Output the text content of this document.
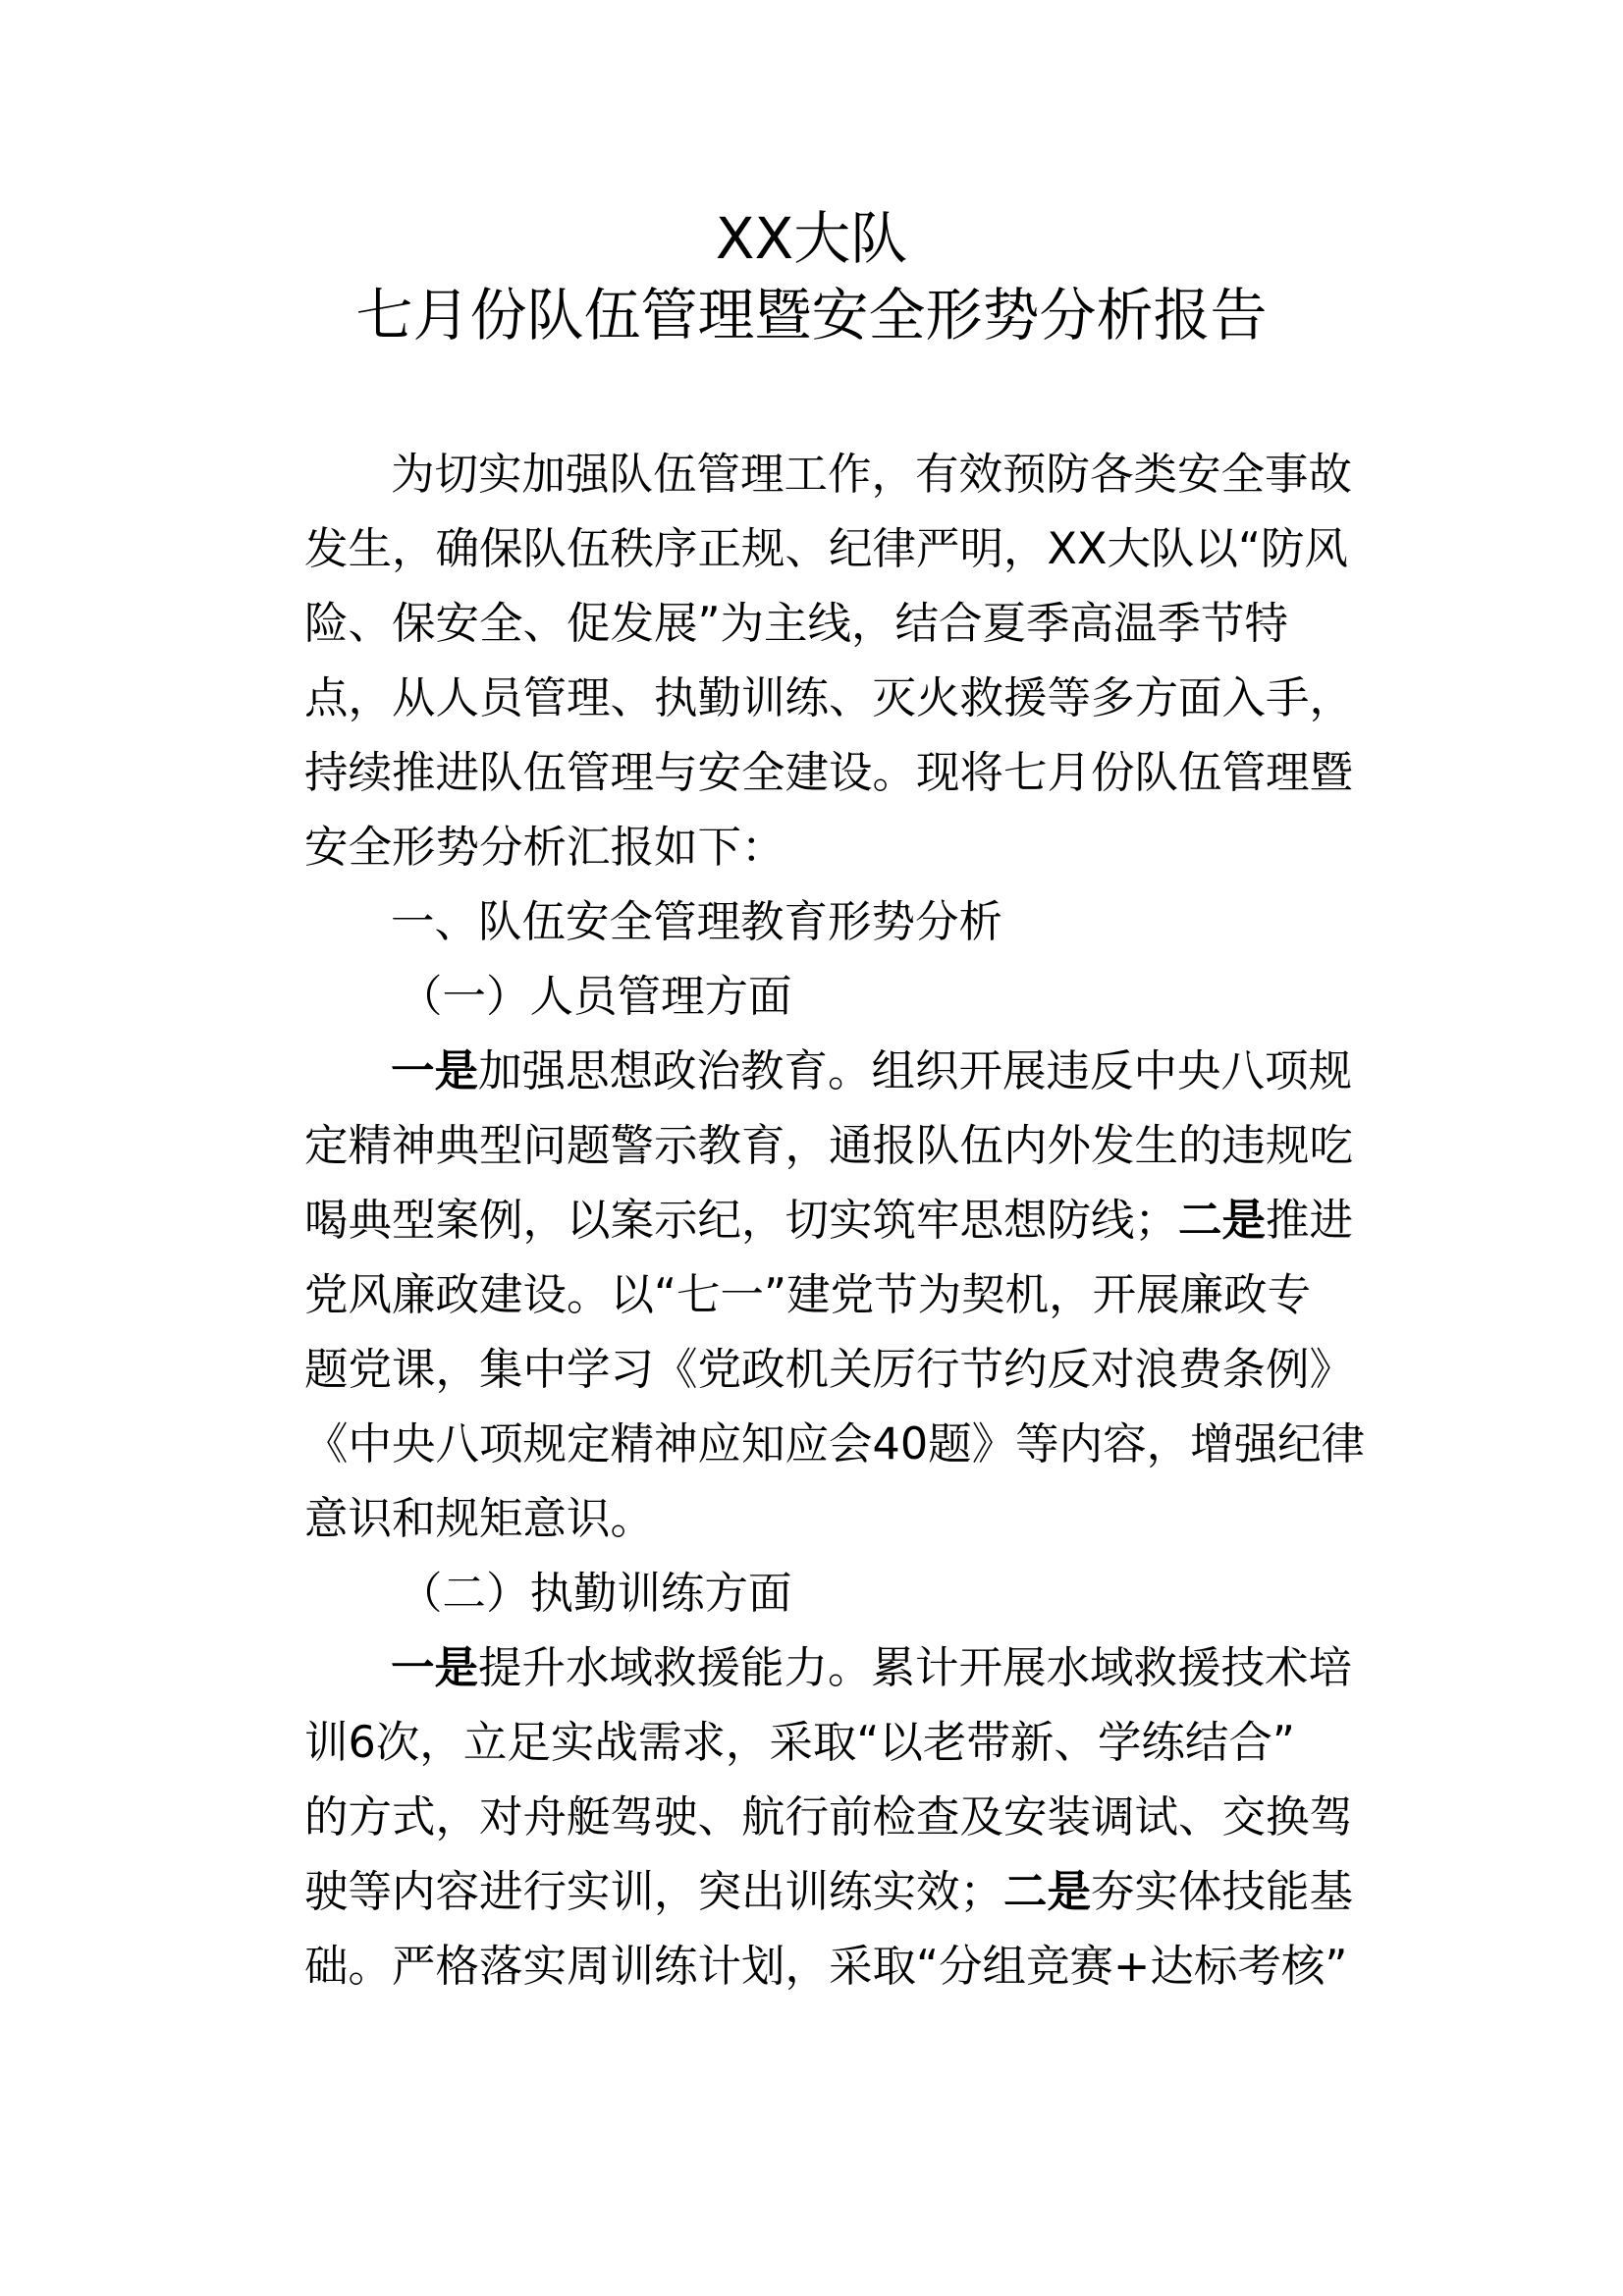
XX大队
七月份队伍管理暨安全形势分析报告
为切实加强队伍管理工作，有效预防各类安全事故
发生，确保队伍秩序正规、纪律严明，XX大队以“防风
险、保安全、促发展”为主线，结合夏季高温季节特
点，从人员管理、执勤训练、灭火救援等多方面入手，
持续推进队伍管理与安全建设。现将七月份队伍管理暨
安全形势分析汇报如下：
一、队伍安全管理教育形势分析
（一）人员管理方面
一是加强思想政治教育。组织开展违反中央八项规
定精神典型问题警示教育，通报队伍内外发生的违规吃
喝典型案例，以案示纪，切实筑牢思想防线；二是推进
党风廉政建设。以“七一”建党节为契机，开展廉政专
题党课，集中学习《党政机关厉行节约反对浪费条例》
《中央八项规定精神应知应会40题》等内容，增强纪律
意识和规矩意识。
（二）执勤训练方面
一是提升水域救援能力。累计开展水域救援技术培
训6次，立足实战需求，采取“以老带新、学练结合”
的方式，对舟艇驾驶、航行前检查及安装调试、交换驾
驶等内容进行实训，突出训练实效；二是夯实体技能基
础。严格落实周训练计划，采取“分组竞赛+达标考核”
